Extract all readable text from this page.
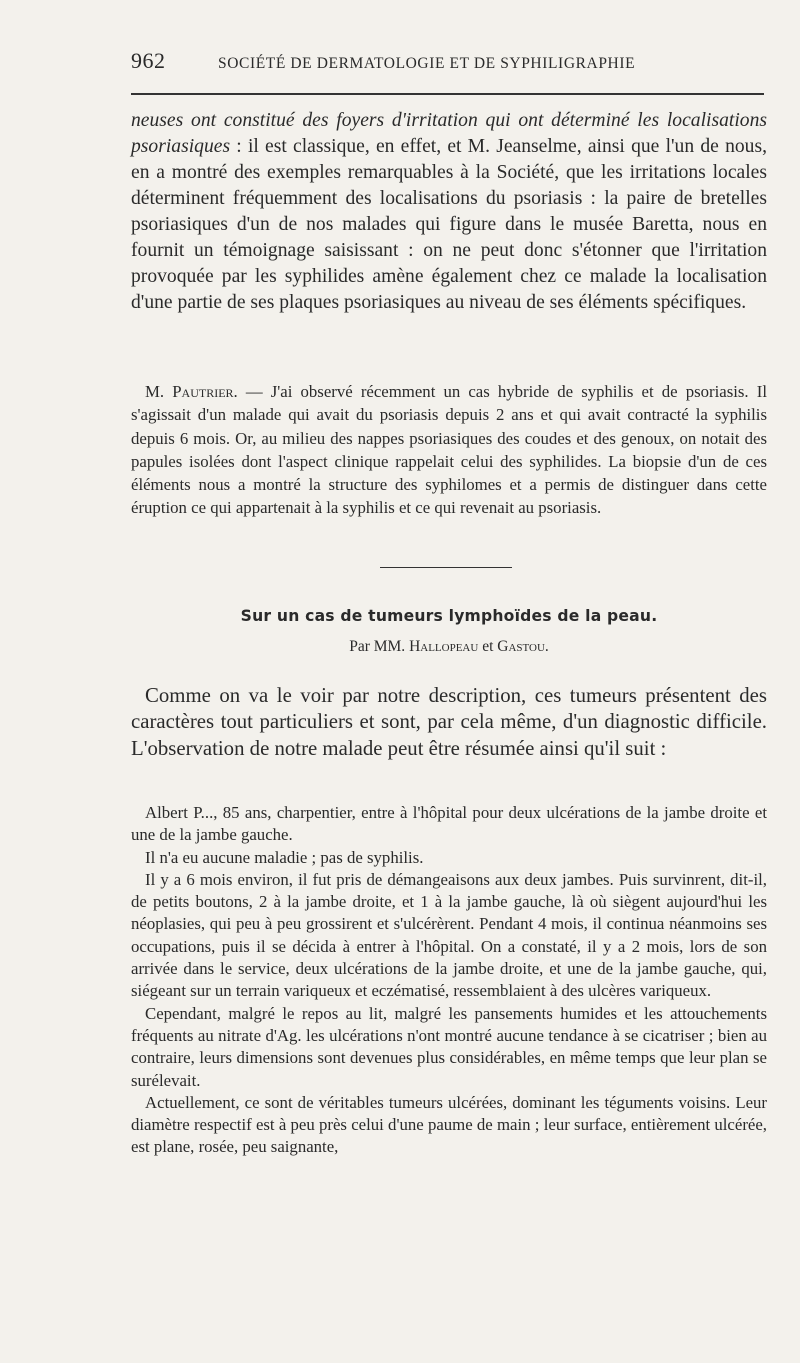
962	SOCIÉTÉ DE DERMATOLOGIE ET DE SYPHILIGRAPHIE
neuses ont constitué des foyers d'irritation qui ont déterminé les localisations psoriasiques : il est classique, en effet, et M. Jeanselme, ainsi que l'un de nous, en a montré des exemples remarquables à la Société, que les irritations locales déterminent fréquemment des localisations du psoriasis : la paire de bretelles psoriasiques d'un de nos malades qui figure dans le musée Baretta, nous en fournit un témoignage saisissant : on ne peut donc s'étonner que l'irritation provoquée par les syphilides amène également chez ce malade la localisation d'une partie de ses plaques psoriasiques au niveau de ses éléments spécifiques.
M. Pautrier. — J'ai observé récemment un cas hybride de syphilis et de psoriasis. Il s'agissait d'un malade qui avait du psoriasis depuis 2 ans et qui avait contracté la syphilis depuis 6 mois. Or, au milieu des nappes psoriasiques des coudes et des genoux, on notait des papules isolées dont l'aspect clinique rappelait celui des syphilides. La biopsie d'un de ces éléments nous a montré la structure des syphilomes et a permis de distinguer dans cette éruption ce qui appartenait à la syphilis et ce qui revenait au psoriasis.
Sur un cas de tumeurs lymphoïdes de la peau.
Par MM. Hallopeau et Gastou.
Comme on va le voir par notre description, ces tumeurs présentent des caractères tout particuliers et sont, par cela même, d'un diagnostic difficile. L'observation de notre malade peut être résumée ainsi qu'il suit :

Albert P..., 85 ans, charpentier, entre à l'hôpital pour deux ulcérations de la jambe droite et une de la jambe gauche.

Il n'a eu aucune maladie ; pas de syphilis.

Il y a 6 mois environ, il fut pris de démangeaisons aux deux jambes. Puis survinrent, dit-il, de petits boutons, 2 à la jambe droite, et 1 à la jambe gauche, là où siègent aujourd'hui les néoplasies, qui peu à peu grossirent et s'ulcérèrent. Pendant 4 mois, il continua néanmoins ses occupations, puis il se décida à entrer à l'hôpital. On a constaté, il y a 2 mois, lors de son arrivée dans le service, deux ulcérations de la jambe droite, et une de la jambe gauche, qui, siégeant sur un terrain variqueux et eczématisé, ressemblaient à des ulcères variqueux.

Cependant, malgré le repos au lit, malgré les pansements humides et les attouchements fréquents au nitrate d'Ag. les ulcérations n'ont montré aucune tendance à se cicatriser ; bien au contraire, leurs dimensions sont devenues plus considérables, en même temps que leur plan se surélevait.

Actuellement, ce sont de véritables tumeurs ulcérées, dominant les téguments voisins. Leur diamètre respectif est à peu près celui d'une paume de main ; leur surface, entièrement ulcérée, est plane, rosée, peu saignante,
